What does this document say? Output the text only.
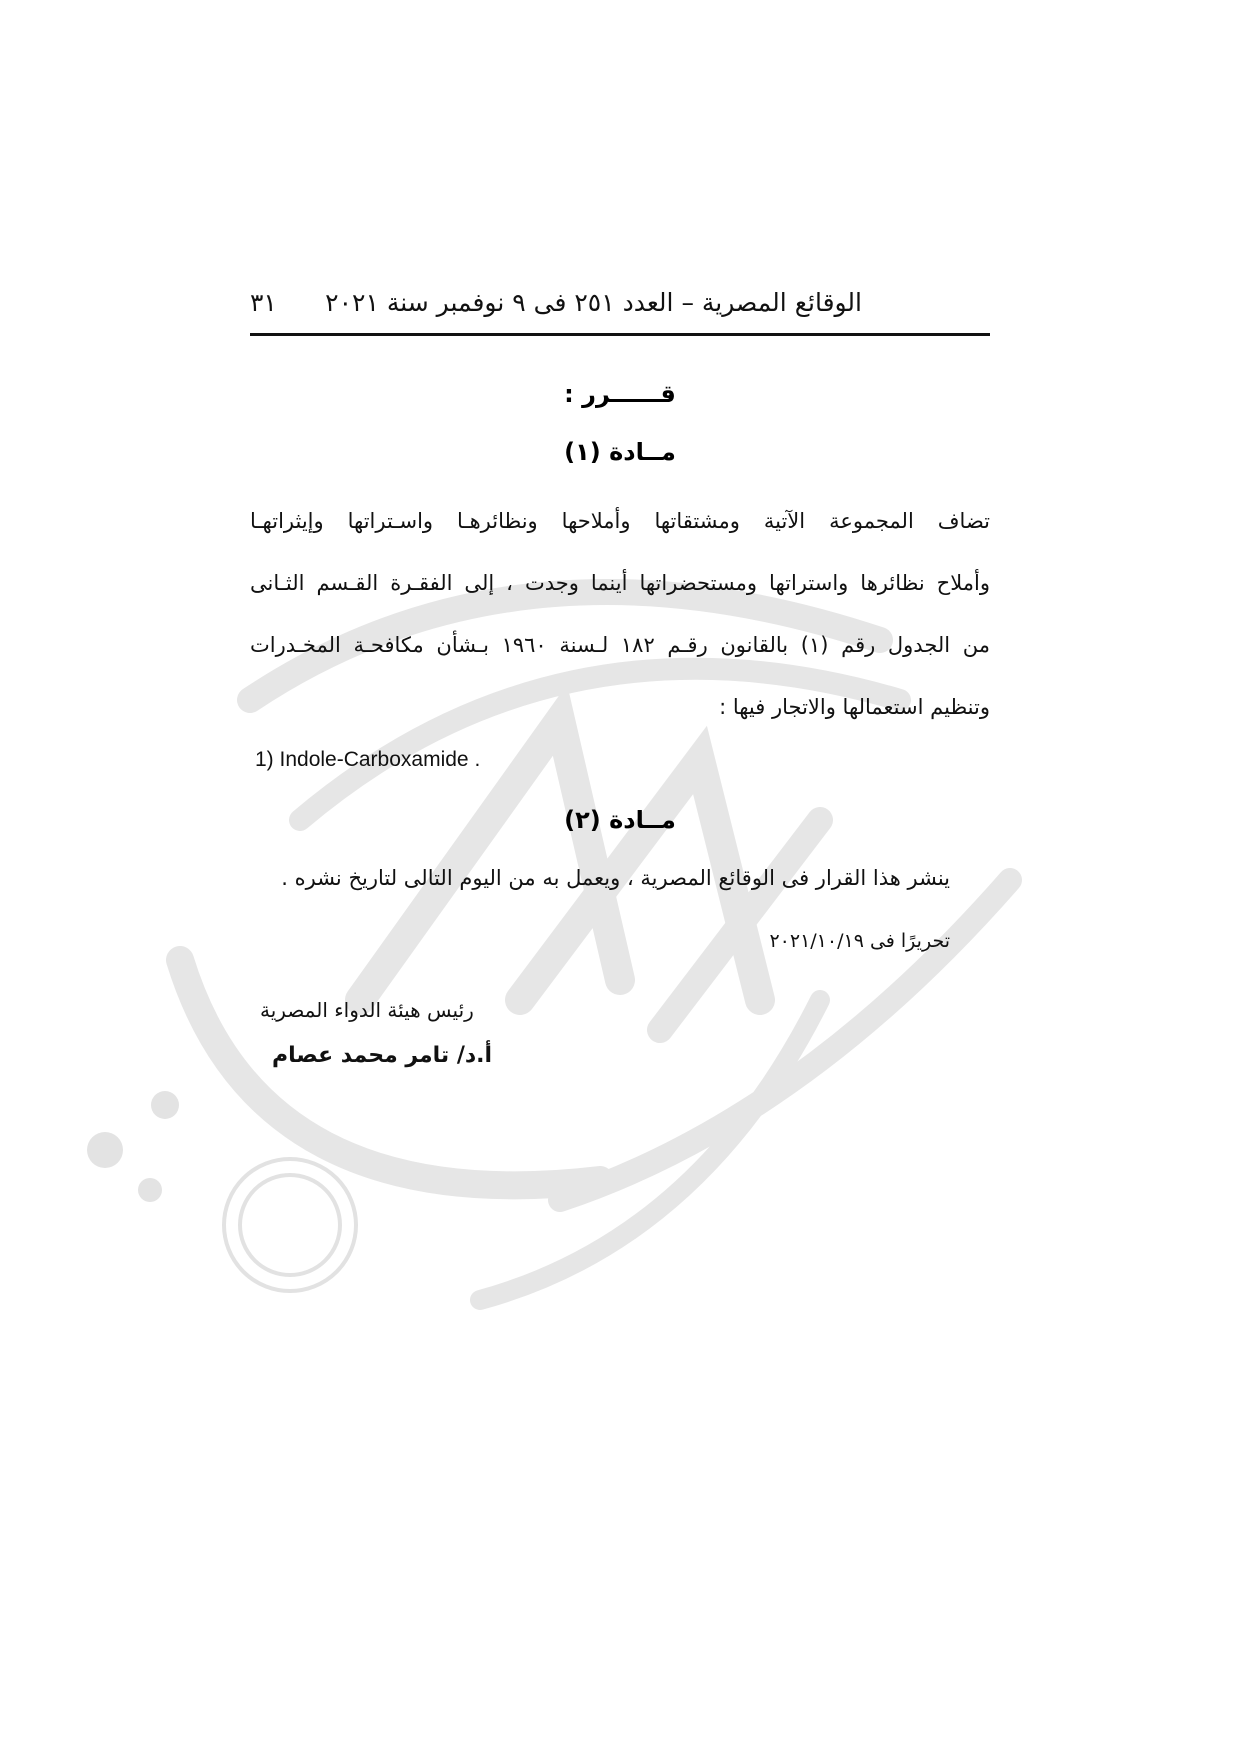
الوقائع المصرية – العدد ٢٥١ فى ٩ نوفمبر سنة ٢٠٢١
٣١
قــــــرر :
مــادة (١)
تضاف المجموعة الآتية ومشتقاتها وأملاحها ونظائرهـا واسـتراتها وإيثراتهـا
وأملاح نظائرها واستراتها ومستحضراتها أينما وجدت ، إلى الفقـرة القـسم الثـانى
من الجدول رقم (١) بالقانون رقـم ١٨٢ لـسنة ١٩٦٠ بـشأن مكافحـة المخـدرات
وتنظيم استعمالها والاتجار فيها :
1) Indole-Carboxamide .
مــادة (٢)
ينشر هذا القرار فى الوقائع المصرية ، ويعمل به من اليوم التالى لتاريخ نشره .
تحريرًا فى ٢٠٢١/١٠/١٩
رئيس هيئة الدواء المصرية
أ.د/ تامر محمد عصام
